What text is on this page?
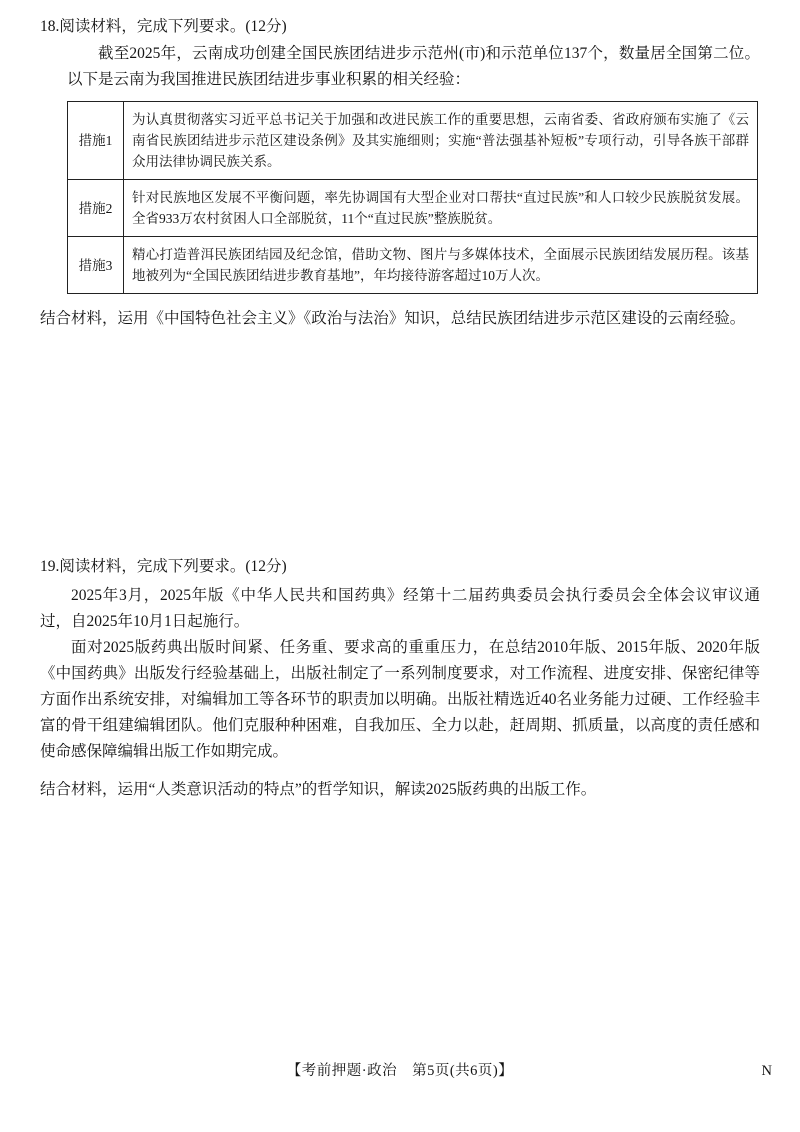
18.阅读材料，完成下列要求。(12分)

截至2025年，云南成功创建全国民族团结进步示范州(市)和示范单位137个，数量居全国第二位。以下是云南为我国推进民族团结进步事业积累的相关经验：

措施1	为认真贯彻落实习近平总书记关于加强和改进民族工作的重要思想，云南省委、省政府颁布实施了《云南省民族团结进步示范区建设条例》及其实施细则；实施“普法强基补短板”专项行动，引导各族干部群众用法律协调民族关系。
措施2	针对民族地区发展不平衡问题，率先协调国有大型企业对口帮扶“直过民族”和人口较少民族脱贫发展。全省933万农村贫困人口全部脱贫，11个“直过民族”整族脱贫。
措施3	精心打造普洱民族团结园及纪念馆，借助文物、图片与多媒体技术，全面展示民族团结发展历程。该基地被列为“全国民族团结进步教育基地”，年均接待游客超过10万人次。

结合材料，运用《中国特色社会主义》《政治与法治》知识，总结民族团结进步示范区建设的云南经验。

19.阅读材料，完成下列要求。(12分)

2025年3月，2025年版《中华人民共和国药典》经第十二届药典委员会执行委员会全体会议审议通过，自2025年10月1日起施行。

面对2025版药典出版时间紧、任务重、要求高的重重压力，在总结2010年版、2015年版、2020年版《中国药典》出版发行经验基础上，出版社制定了一系列制度要求，对工作流程、进度安排、保密纪律等方面作出系统安排，对编辑加工等各环节的职责加以明确。出版社精选近40名业务能力过硬、工作经验丰富的骨干组建编辑团队。他们克服种种困难，自我加压、全力以赴，赶周期、抓质量，以高度的责任感和使命感保障编辑出版工作如期完成。

结合材料，运用“人类意识活动的特点”的哲学知识，解读2025版药典的出版工作。

【考前押题·政治　第5页(共6页)】	N
